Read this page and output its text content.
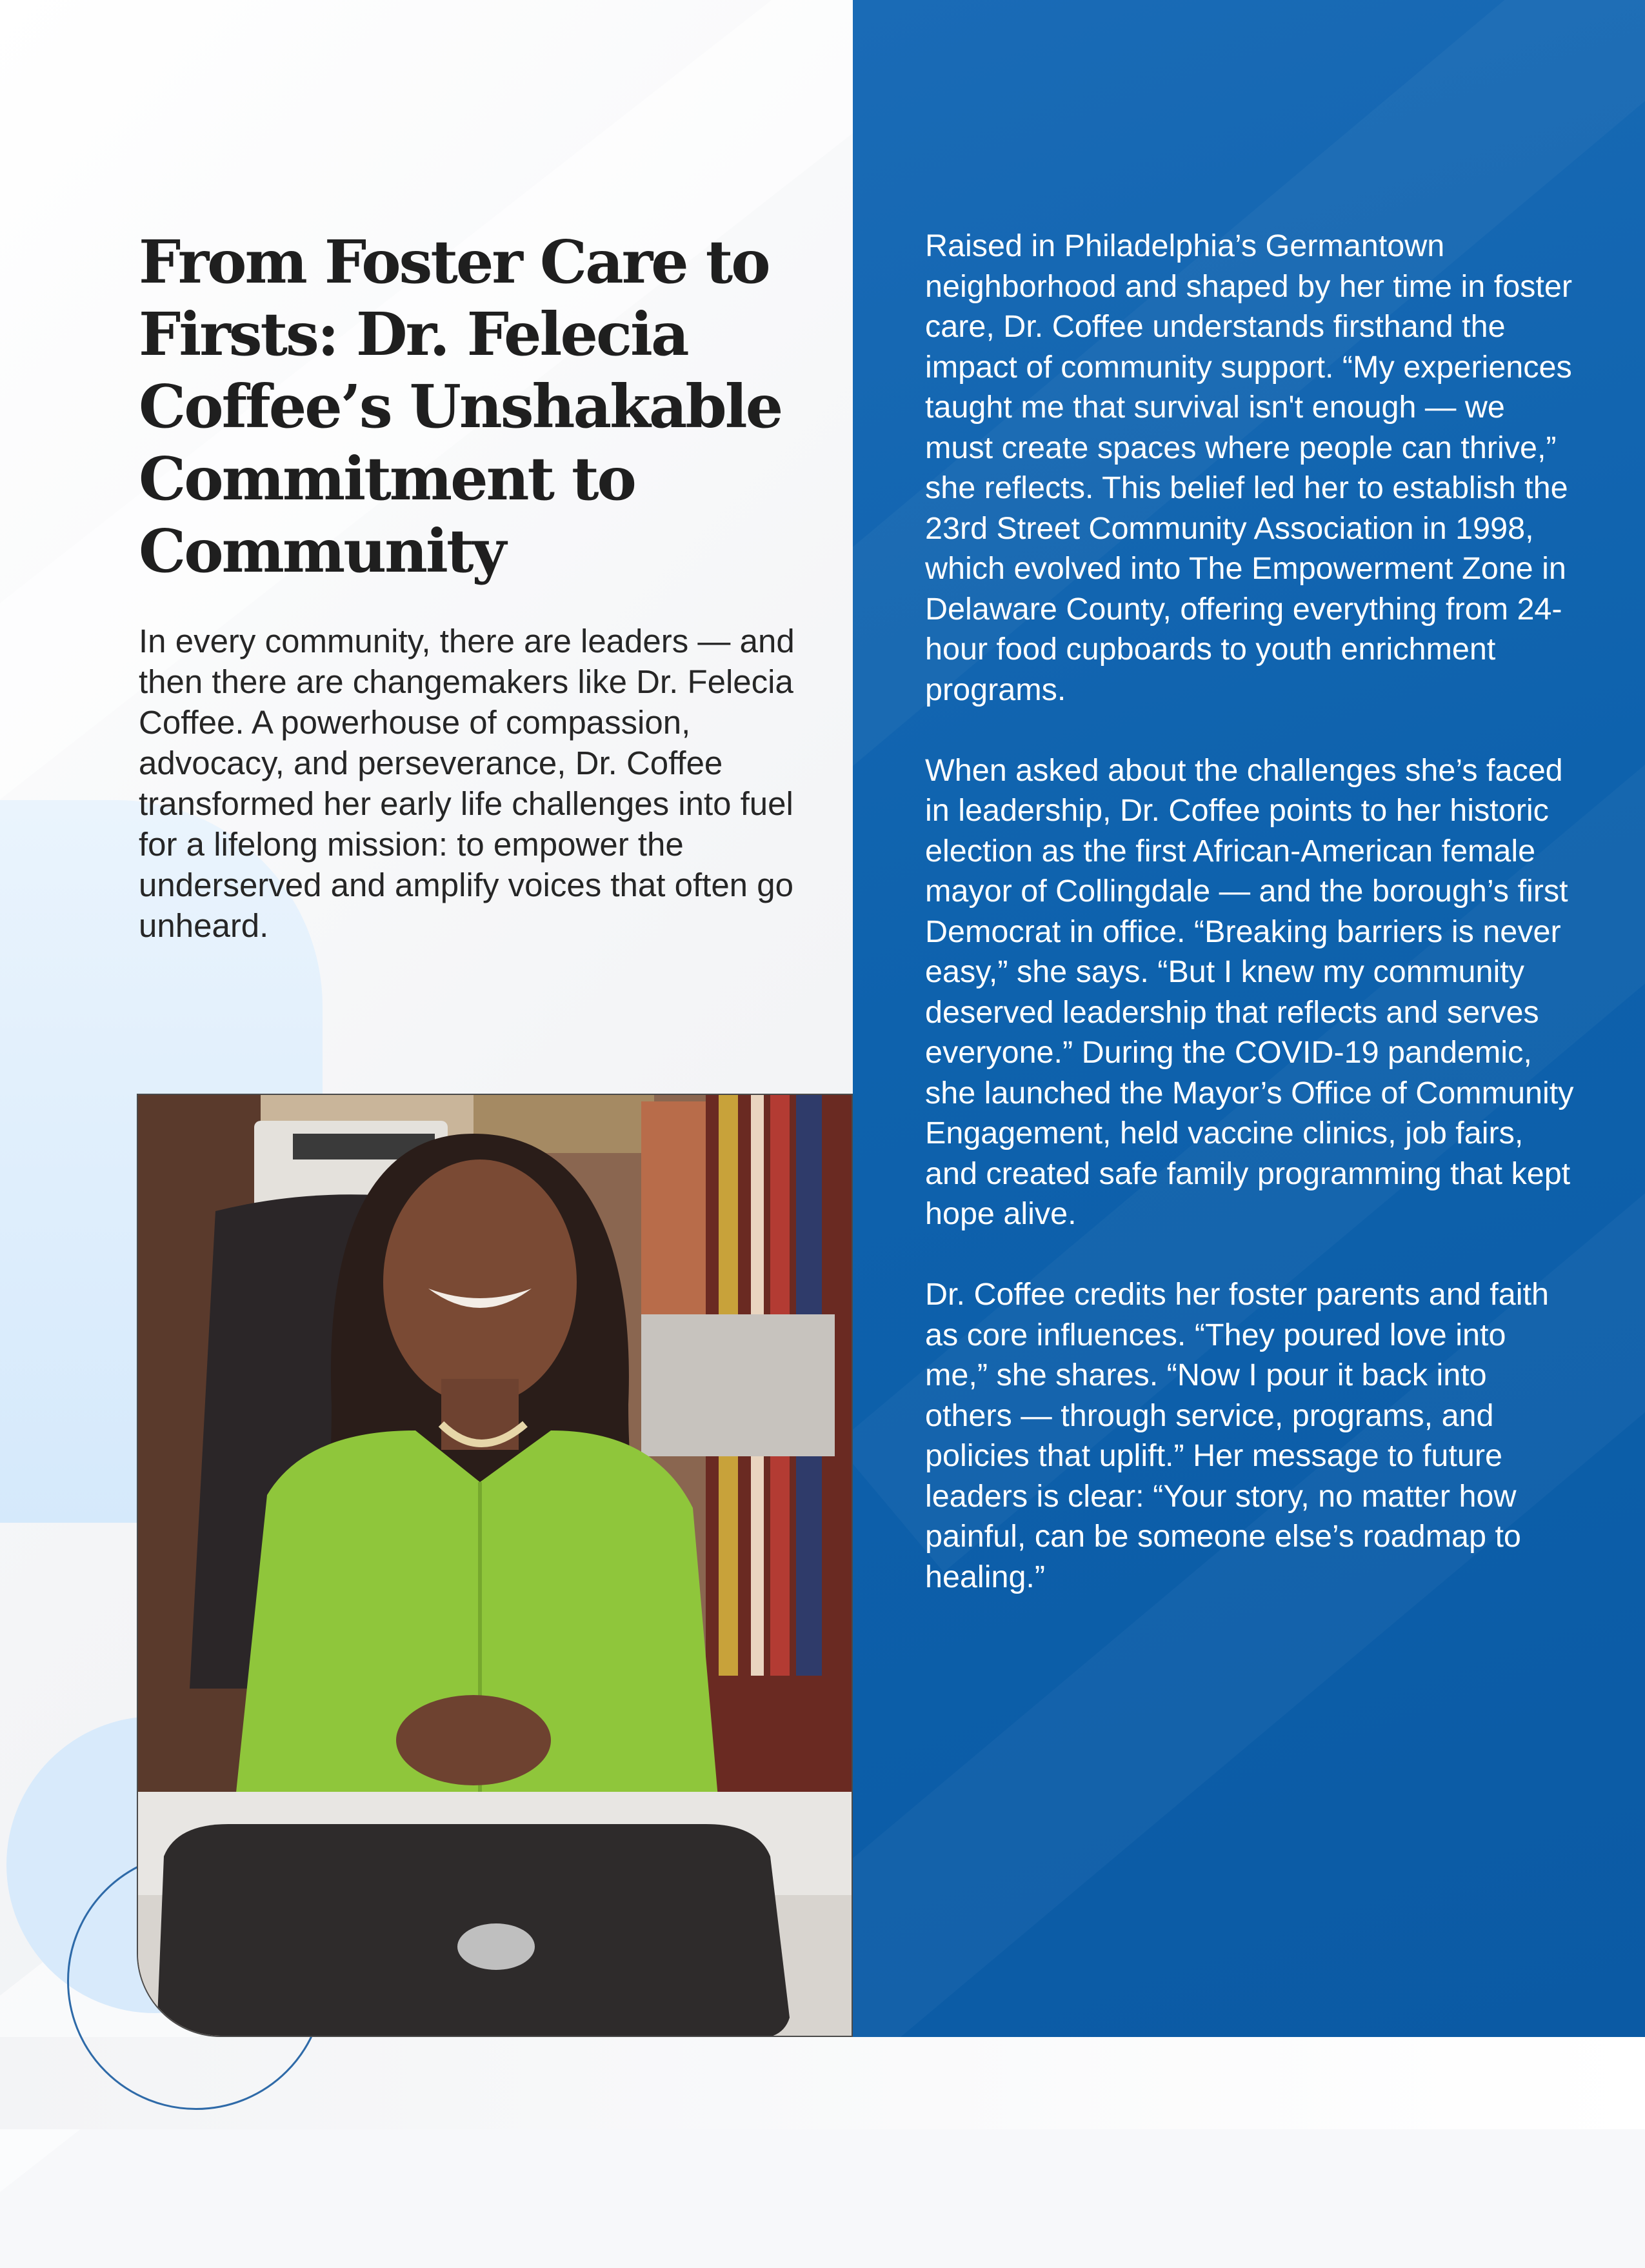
From Foster Care to Firsts: Dr. Felecia Coffee’s Unshakable Commitment to Community

In every community, there are leaders — and then there are changemakers like Dr. Felecia Coffee. A powerhouse of compassion, advocacy, and perseverance, Dr. Coffee transformed her early life challenges into fuel for a lifelong mission: to empower the underserved and amplify voices that often go unheard.

Raised in Philadelphia’s Germantown neighborhood and shaped by her time in foster care, Dr. Coffee understands firsthand the impact of community support. “My experiences taught me that survival isn't enough — we must create spaces where people can thrive,” she reflects. This belief led her to establish the 23rd Street Community Association in 1998, which evolved into The Empowerment Zone in Delaware County, offering everything from 24-hour food cupboards to youth enrichment programs.

When asked about the challenges she’s faced in leadership, Dr. Coffee points to her historic election as the first African-American female mayor of Collingdale — and the borough’s first Democrat in office. “Breaking barriers is never easy,” she says. “But I knew my community deserved leadership that reflects and serves everyone.” During the COVID-19 pandemic, she launched the Mayor’s Office of Community Engagement, held vaccine clinics, job fairs, and created safe family programming that kept hope alive.

Dr. Coffee credits her foster parents and faith as core influences. “They poured love into me,” she shares. “Now I pour it back into others — through service, programs, and policies that uplift.” Her message to future leaders is clear: “Your story, no matter how painful, can be someone else’s roadmap to healing.”
